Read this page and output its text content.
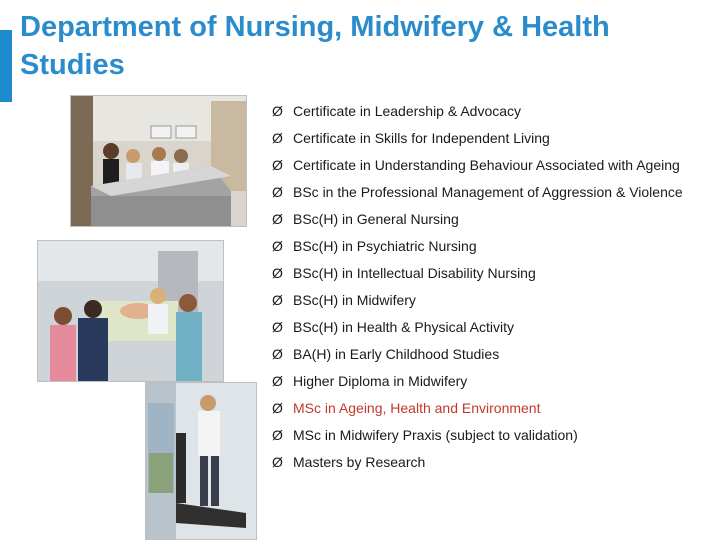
Department of Nursing, Midwifery & Health Studies
Ø Certificate in Leadership & Advocacy
Ø Certificate in Skills for Independent Living
Ø Certificate in Understanding Behaviour Associated with Ageing
Ø BSc in the Professional Management of Aggression & Violence
Ø BSc(H) in General Nursing
Ø BSc(H) in Psychiatric Nursing
Ø BSc(H) in Intellectual Disability Nursing
Ø BSc(H) in Midwifery
Ø BSc(H) in Health & Physical Activity
Ø BA(H) in Early Childhood Studies
Ø Higher Diploma in Midwifery
Ø MSc in Ageing, Health and Environment
Ø MSc in Midwifery Praxis (subject to validation)
Ø Masters by Research
